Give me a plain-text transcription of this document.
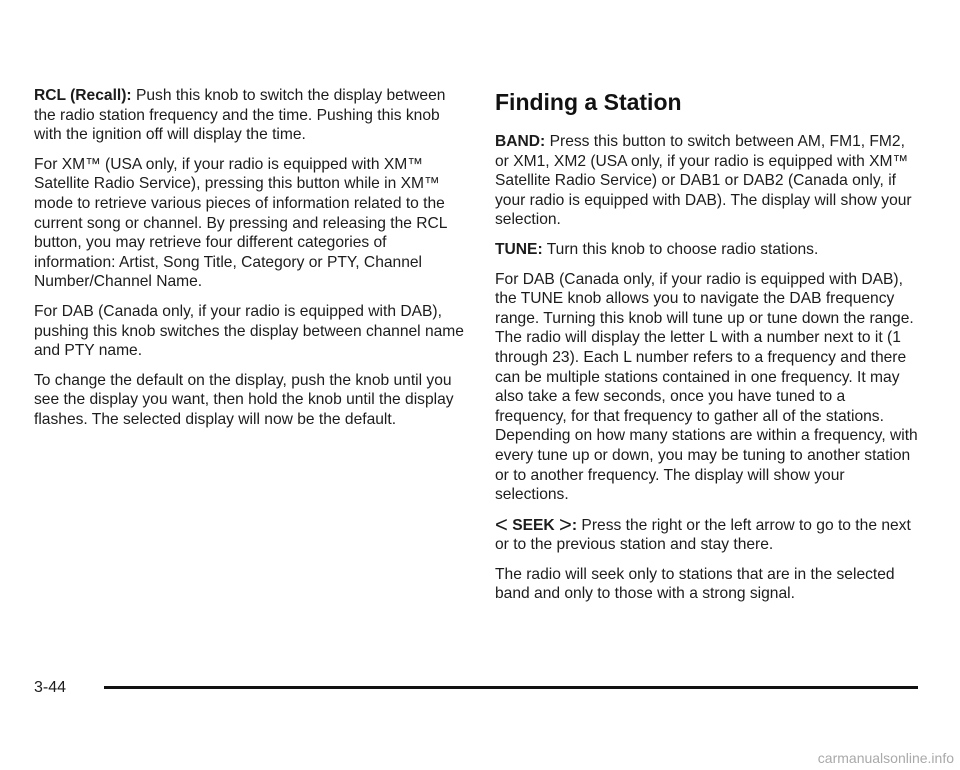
RCL (Recall): Push this knob to switch the display between the radio station frequency and the time. Pushing this knob with the ignition off will display the time.

For XM™ (USA only, if your radio is equipped with XM™ Satellite Radio Service), pressing this button while in XM™ mode to retrieve various pieces of information related to the current song or channel. By pressing and releasing the RCL button, you may retrieve four different categories of information: Artist, Song Title, Category or PTY, Channel Number/Channel Name.

For DAB (Canada only, if your radio is equipped with DAB), pushing this knob switches the display between channel name and PTY name.

To change the default on the display, push the knob until you see the display you want, then hold the knob until the display flashes. The selected display will now be the default.

Finding a Station

BAND: Press this button to switch between AM, FM1, FM2, or XM1, XM2 (USA only, if your radio is equipped with XM™ Satellite Radio Service) or DAB1 or DAB2 (Canada only, if your radio is equipped with DAB). The display will show your selection.

TUNE: Turn this knob to choose radio stations.

For DAB (Canada only, if your radio is equipped with DAB), the TUNE knob allows you to navigate the DAB frequency range. Turning this knob will tune up or tune down the range. The radio will display the letter L with a number next to it (1 through 23). Each L number refers to a frequency and there can be multiple stations contained in one frequency. It may also take a few seconds, once you have tuned to a frequency, for that frequency to gather all of the stations. Depending on how many stations are within a frequency, with every tune up or down, you may be tuning to another station or to another frequency. The display will show your selections.

< SEEK >: Press the right or the left arrow to go to the next or to the previous station and stay there.

The radio will seek only to stations that are in the selected band and only to those with a strong signal.

3-44
carmanualsonline.info
